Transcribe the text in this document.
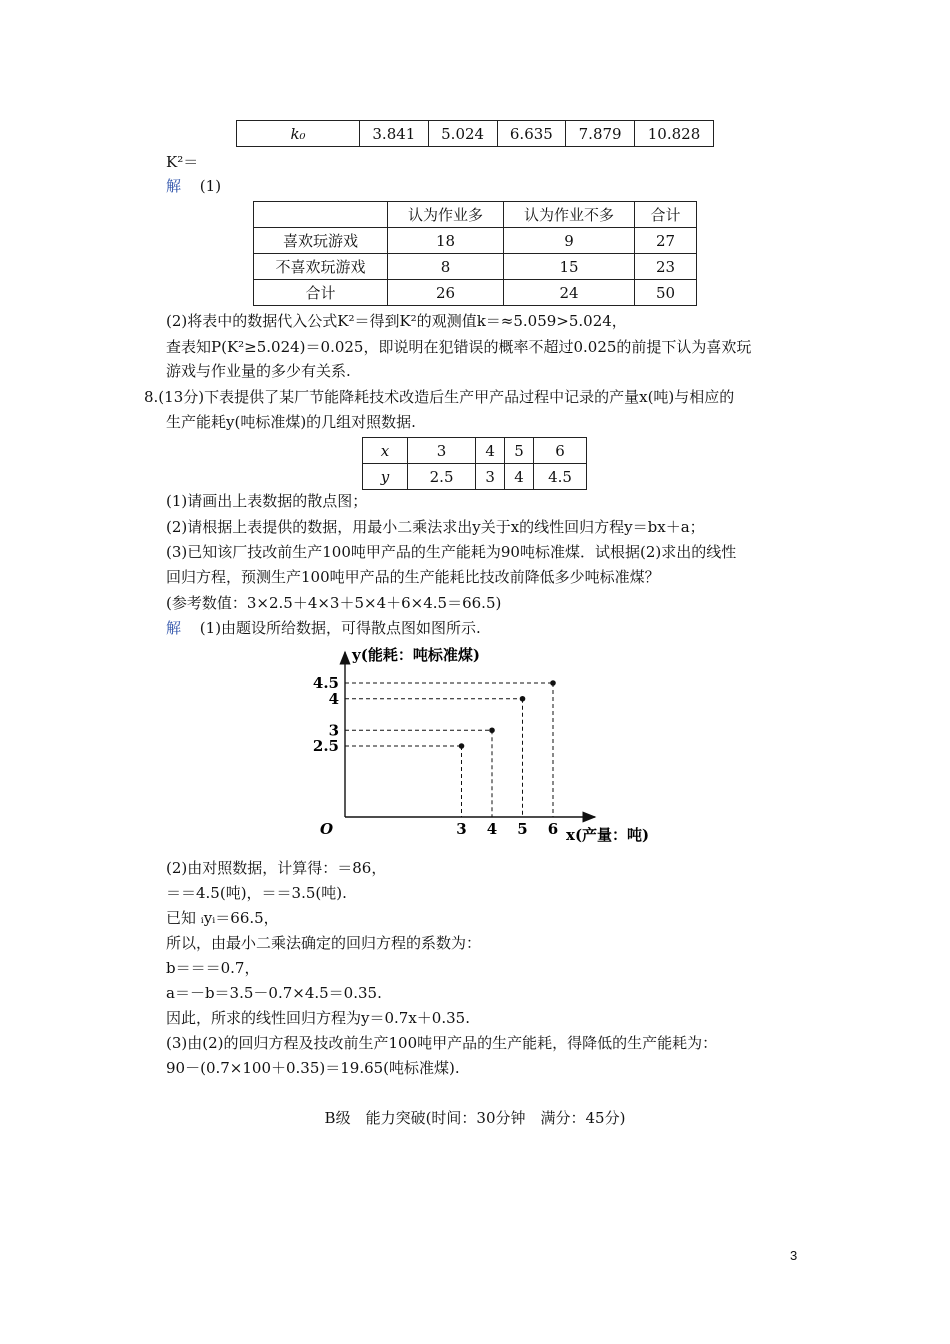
k₀	3.841	5.024	6.635	7.879	10.828
K²＝
解 (1)
	认为作业多	认为作业不多	合计
喜欢玩游戏	18	9	27
不喜欢玩游戏	8	15	23
合计	26	24	50
(2)将表中的数据代入公式K²＝得到K²的观测值k＝≈5.059>5.024，
查表知P(K²≥5.024)＝0.025，即说明在犯错误的概率不超过0.025的前提下认为喜欢玩
游戏与作业量的多少有关系.
8.(13分)下表提供了某厂节能降耗技术改造后生产甲产品过程中记录的产量x(吨)与相应的
生产能耗y(吨标准煤)的几组对照数据.
x	3	4	5	6
y	2.5	3	4	4.5
(1)请画出上表数据的散点图；
(2)请根据上表提供的数据，用最小二乘法求出y关于x的线性回归方程y＝bx＋a；
(3)已知该厂技改前生产100吨甲产品的生产能耗为90吨标准煤．试根据(2)求出的线性
回归方程，预测生产100吨甲产品的生产能耗比技改前降低多少吨标准煤？
(参考数值：3×2.5＋4×3＋5×4＋6×4.5＝66.5)
解 (1)由题设所给数据，可得散点图如图所示.
y(能耗：吨标准煤)
x(产量：吨)
O	3
2.5
4
3
5
4
6
4.5
(2)由对照数据，计算得：＝86，
＝＝4.5(吨)，＝＝3.5(吨).
已知 ᵢyᵢ＝66.5，
所以，由最小二乘法确定的回归方程的系数为：
b＝＝＝0.7，
a＝－b＝3.5－0.7×4.5＝0.35.
因此，所求的线性回归方程为y＝0.7x＋0.35.
(3)由(2)的回归方程及技改前生产100吨甲产品的生产能耗，得降低的生产能耗为：
90－(0.7×100＋0.35)＝19.65(吨标准煤).
B级　能力突破(时间：30分钟　满分：45分)
3
